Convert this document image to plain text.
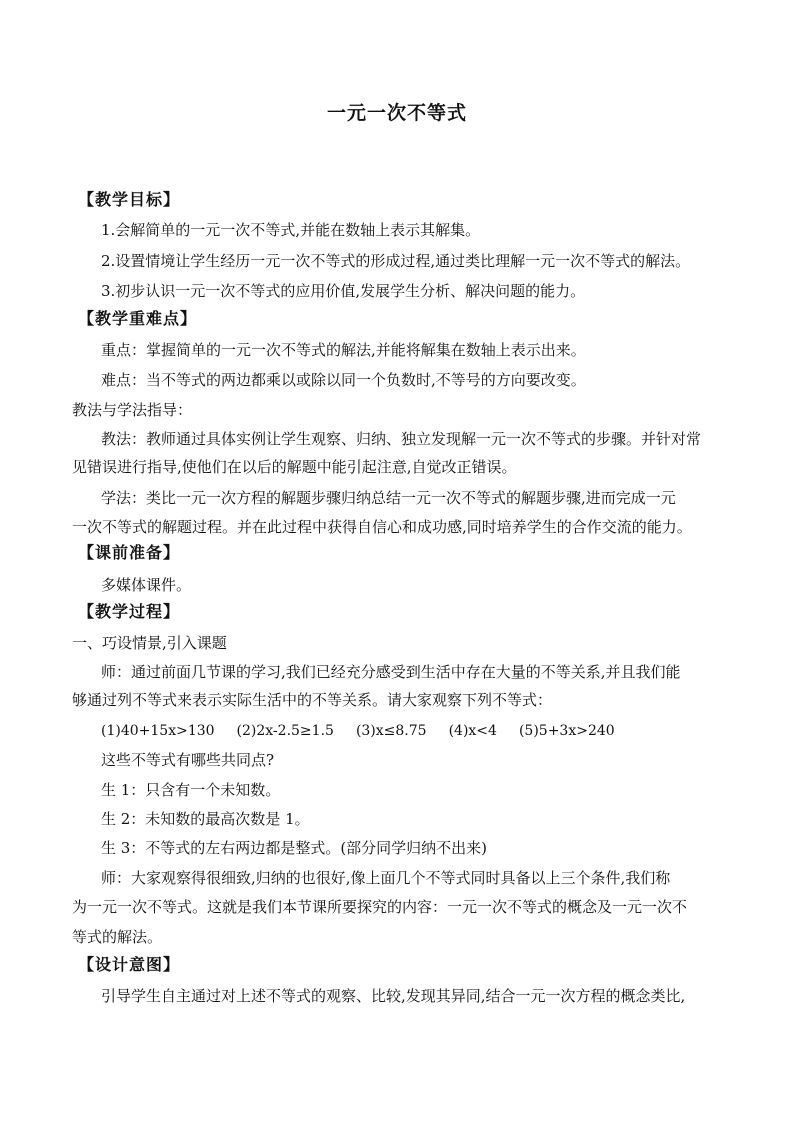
一元一次不等式
【教学目标】
1.会解简单的一元一次不等式,并能在数轴上表示其解集。
2.设置情境让学生经历一元一次不等式的形成过程,通过类比理解一元一次不等式的解法。
3.初步认识一元一次不等式的应用价值,发展学生分析、解决问题的能力。
【教学重难点】
重点：掌握简单的一元一次不等式的解法,并能将解集在数轴上表示出来。
难点：当不等式的两边都乘以或除以同一个负数时,不等号的方向要改变。
教法与学法指导：
教法：教师通过具体实例让学生观察、归纳、独立发现解一元一次不等式的步骤。并针对常
见错误进行指导,使他们在以后的解题中能引起注意,自觉改正错误。
学法：类比一元一次方程的解题步骤归纳总结一元一次不等式的解题步骤,进而完成一元
一次不等式的解题过程。并在此过程中获得自信心和成功感,同时培养学生的合作交流的能力。
【课前准备】
多媒体课件。
【教学过程】
一、巧设情景,引入课题
师：通过前面几节课的学习,我们已经充分感受到生活中存在大量的不等关系,并且我们能
够通过列不等式来表示实际生活中的不等关系。请大家观察下列不等式：
(1)40+15x>130 (2)2x-2.5≥1.5 (3)x≤8.75 (4)x<4 (5)5+3x>240
这些不等式有哪些共同点?
生 1：只含有一个未知数。
生 2：未知数的最高次数是 1。
生 3：不等式的左右两边都是整式。(部分同学归纳不出来)
师：大家观察得很细致,归纳的也很好,像上面几个不等式同时具备以上三个条件,我们称
为一元一次不等式。这就是我们本节课所要探究的内容：一元一次不等式的概念及一元一次不
等式的解法。
【设计意图】
引导学生自主通过对上述不等式的观察、比较,发现其异同,结合一元一次方程的概念类比,
